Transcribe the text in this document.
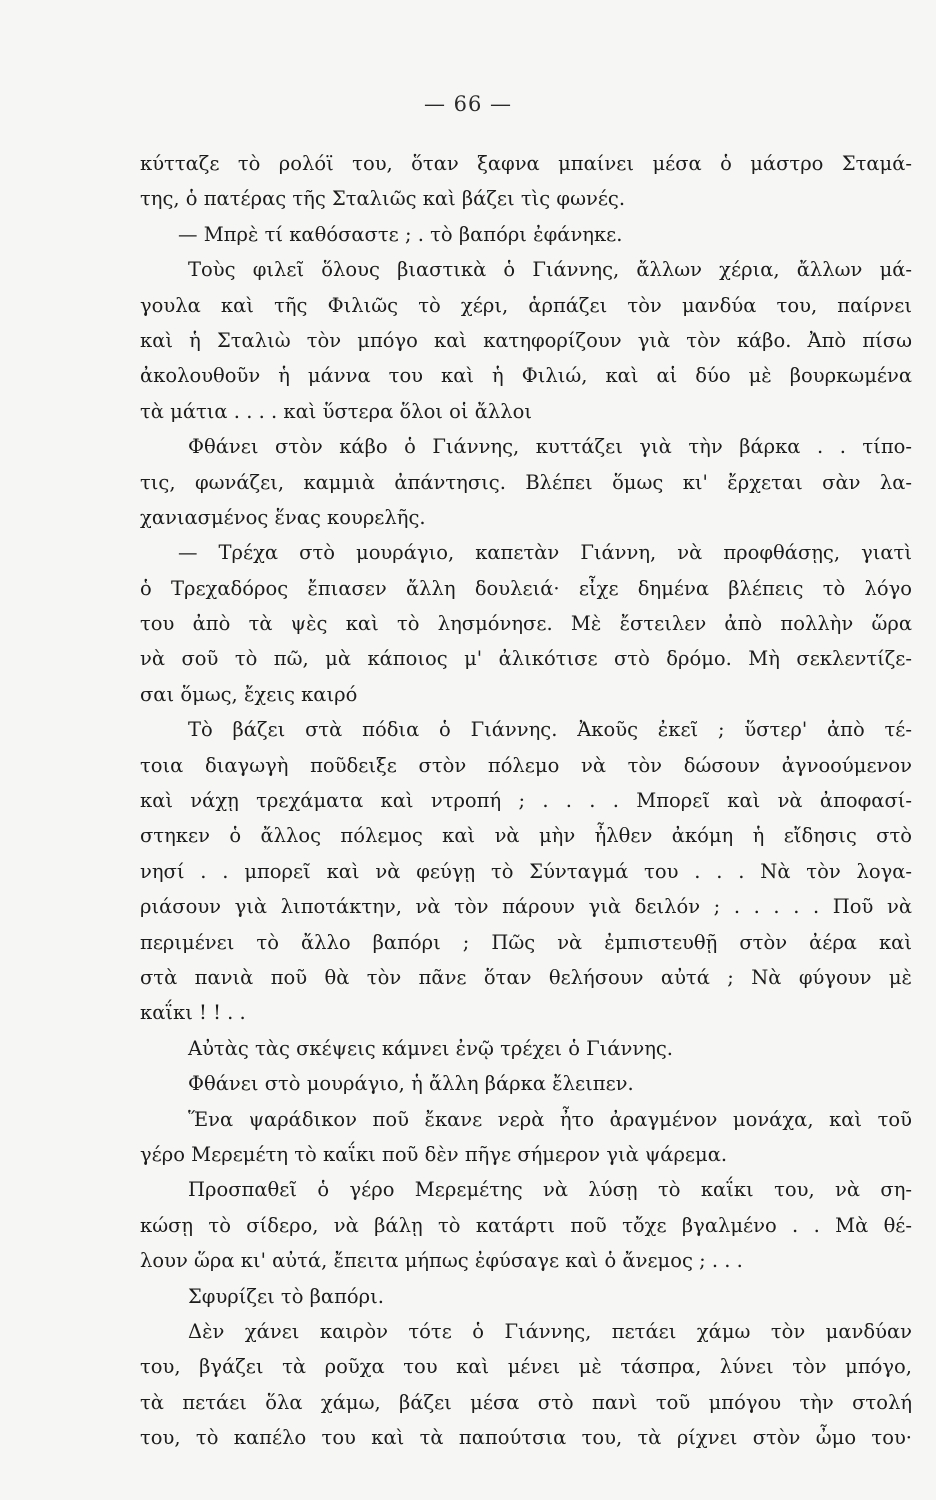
— 66 —
κύτταζε τὸ ρολόϊ του, ὅταν ξαφνα μπαίνει μέσα ὁ μάστρο Σταμά-
της, ὁ πατέρας τῆς Σταλιῶς καὶ βάζει τὶς φωνές.
— Μπρὲ τί καθόσαστε ; . τὸ βαπόρι ἐφάνηκε.
Τοὺς φιλεῖ ὅλους βιαστικὰ ὁ Γιάννης, ἄλλων χέρια, ἄλλων μά-
γουλα καὶ τῆς Φιλιῶς τὸ χέρι, ἁρπάζει τὸν μανδύα του, παίρνει
καὶ ἡ Σταλιὼ τὸν μπόγο καὶ κατηφορίζουν γιὰ τὸν κάβο. Ἀπὸ πίσω
ἀκολουθοῦν ἡ μάννα του καὶ ἡ Φιλιώ, καὶ αἱ δύο μὲ βουρκωμένα
τὰ μάτια . . . . καὶ ὕστερα ὅλοι οἱ ἄλλοι
Φθάνει στὸν κάβο ὁ Γιάννης, κυττάζει γιὰ τὴν βάρκα . . τίπο-
τις, φωνάζει, καμμιὰ ἀπάντησις. Βλέπει ὅμως κι' ἔρχεται σὰν λα-
χανιασμένος ἕνας κουρελῆς.
— Τρέχα στὸ μουράγιο, καπετὰν Γιάννη, νὰ προφθάσῃς, γιατὶ
ὁ Τρεχαδόρος ἔπιασεν ἄλλη δουλειά· εἶχε δημένα βλέπεις τὸ λόγο
του ἀπὸ τὰ ψὲς καὶ τὸ λησμόνησε. Μὲ ἔστειλεν ἀπὸ πολλὴν ὥρα
νὰ σοῦ τὸ πῶ, μὰ κάποιος μ' ἀλικότισε στὸ δρόμο. Μὴ σεκλεντίζε-
σαι ὅμως, ἔχεις καιρό
Τὸ βάζει στὰ πόδια ὁ Γιάννης. Ἀκοῦς ἐκεῖ ; ὕστερ' ἀπὸ τέ-
τοια διαγωγὴ ποῦδειξε στὸν πόλεμο νὰ τὸν δώσουν ἀγνοούμενον
καὶ νάχῃ τρεχάματα καὶ ντροπή ; . . . . Μπορεῖ καὶ νὰ ἀποφασί-
στηκεν ὁ ἄλλος πόλεμος καὶ νὰ μὴν ἦλθεν ἀκόμη ἡ εἴδησις στὸ
νησί . . μπορεῖ καὶ νὰ φεύγῃ τὸ Σύνταγμά του . . . Νὰ τὸν λογα-
ριάσουν γιὰ λιποτάκτην, νὰ τὸν πάρουν γιὰ δειλόν ; . . . . . Ποῦ νὰ
περιμένει τὸ ἄλλο βαπόρι ; Πῶς νὰ ἐμπιστευθῇ στὸν ἀέρα καὶ
στὰ πανιὰ ποῦ θὰ τὸν πᾶνε ὅταν θελήσουν αὐτά ; Νὰ φύγουν μὲ
καΐκι ! ! . .
Αὐτὰς τὰς σκέψεις κάμνει ἐνῷ τρέχει ὁ Γιάννης.
Φθάνει στὸ μουράγιο, ἡ ἄλλη βάρκα ἔλειπεν.
Ἕνα ψαράδικον ποῦ ἔκανε νερὰ ἦτο ἀραγμένον μονάχα, καὶ τοῦ
γέρο Μερεμέτη τὸ καΐκι ποῦ δὲν πῆγε σήμερον γιὰ ψάρεμα.
Προσπαθεῖ ὁ γέρο Μερεμέτης νὰ λύσῃ τὸ καΐκι του, νὰ ση-
κώσῃ τὸ σίδερο, νὰ βάλῃ τὸ κατάρτι ποῦ τὄχε βγαλμένο . . Μὰ θέ-
λουν ὥρα κι' αὐτά, ἔπειτα μήπως ἐφύσαγε καὶ ὁ ἄνεμος ; . . .
Σφυρίζει τὸ βαπόρι.
Δὲν χάνει καιρὸν τότε ὁ Γιάννης, πετάει χάμω τὸν μανδύαν
του, βγάζει τὰ ροῦχα του καὶ μένει μὲ τάσπρα, λύνει τὸν μπόγο,
τὰ πετάει ὅλα χάμω, βάζει μέσα στὸ πανὶ τοῦ μπόγου τὴν στολή
του, τὸ καπέλο του καὶ τὰ παπούτσια του, τὰ ρίχνει στὸν ὦμο του·
